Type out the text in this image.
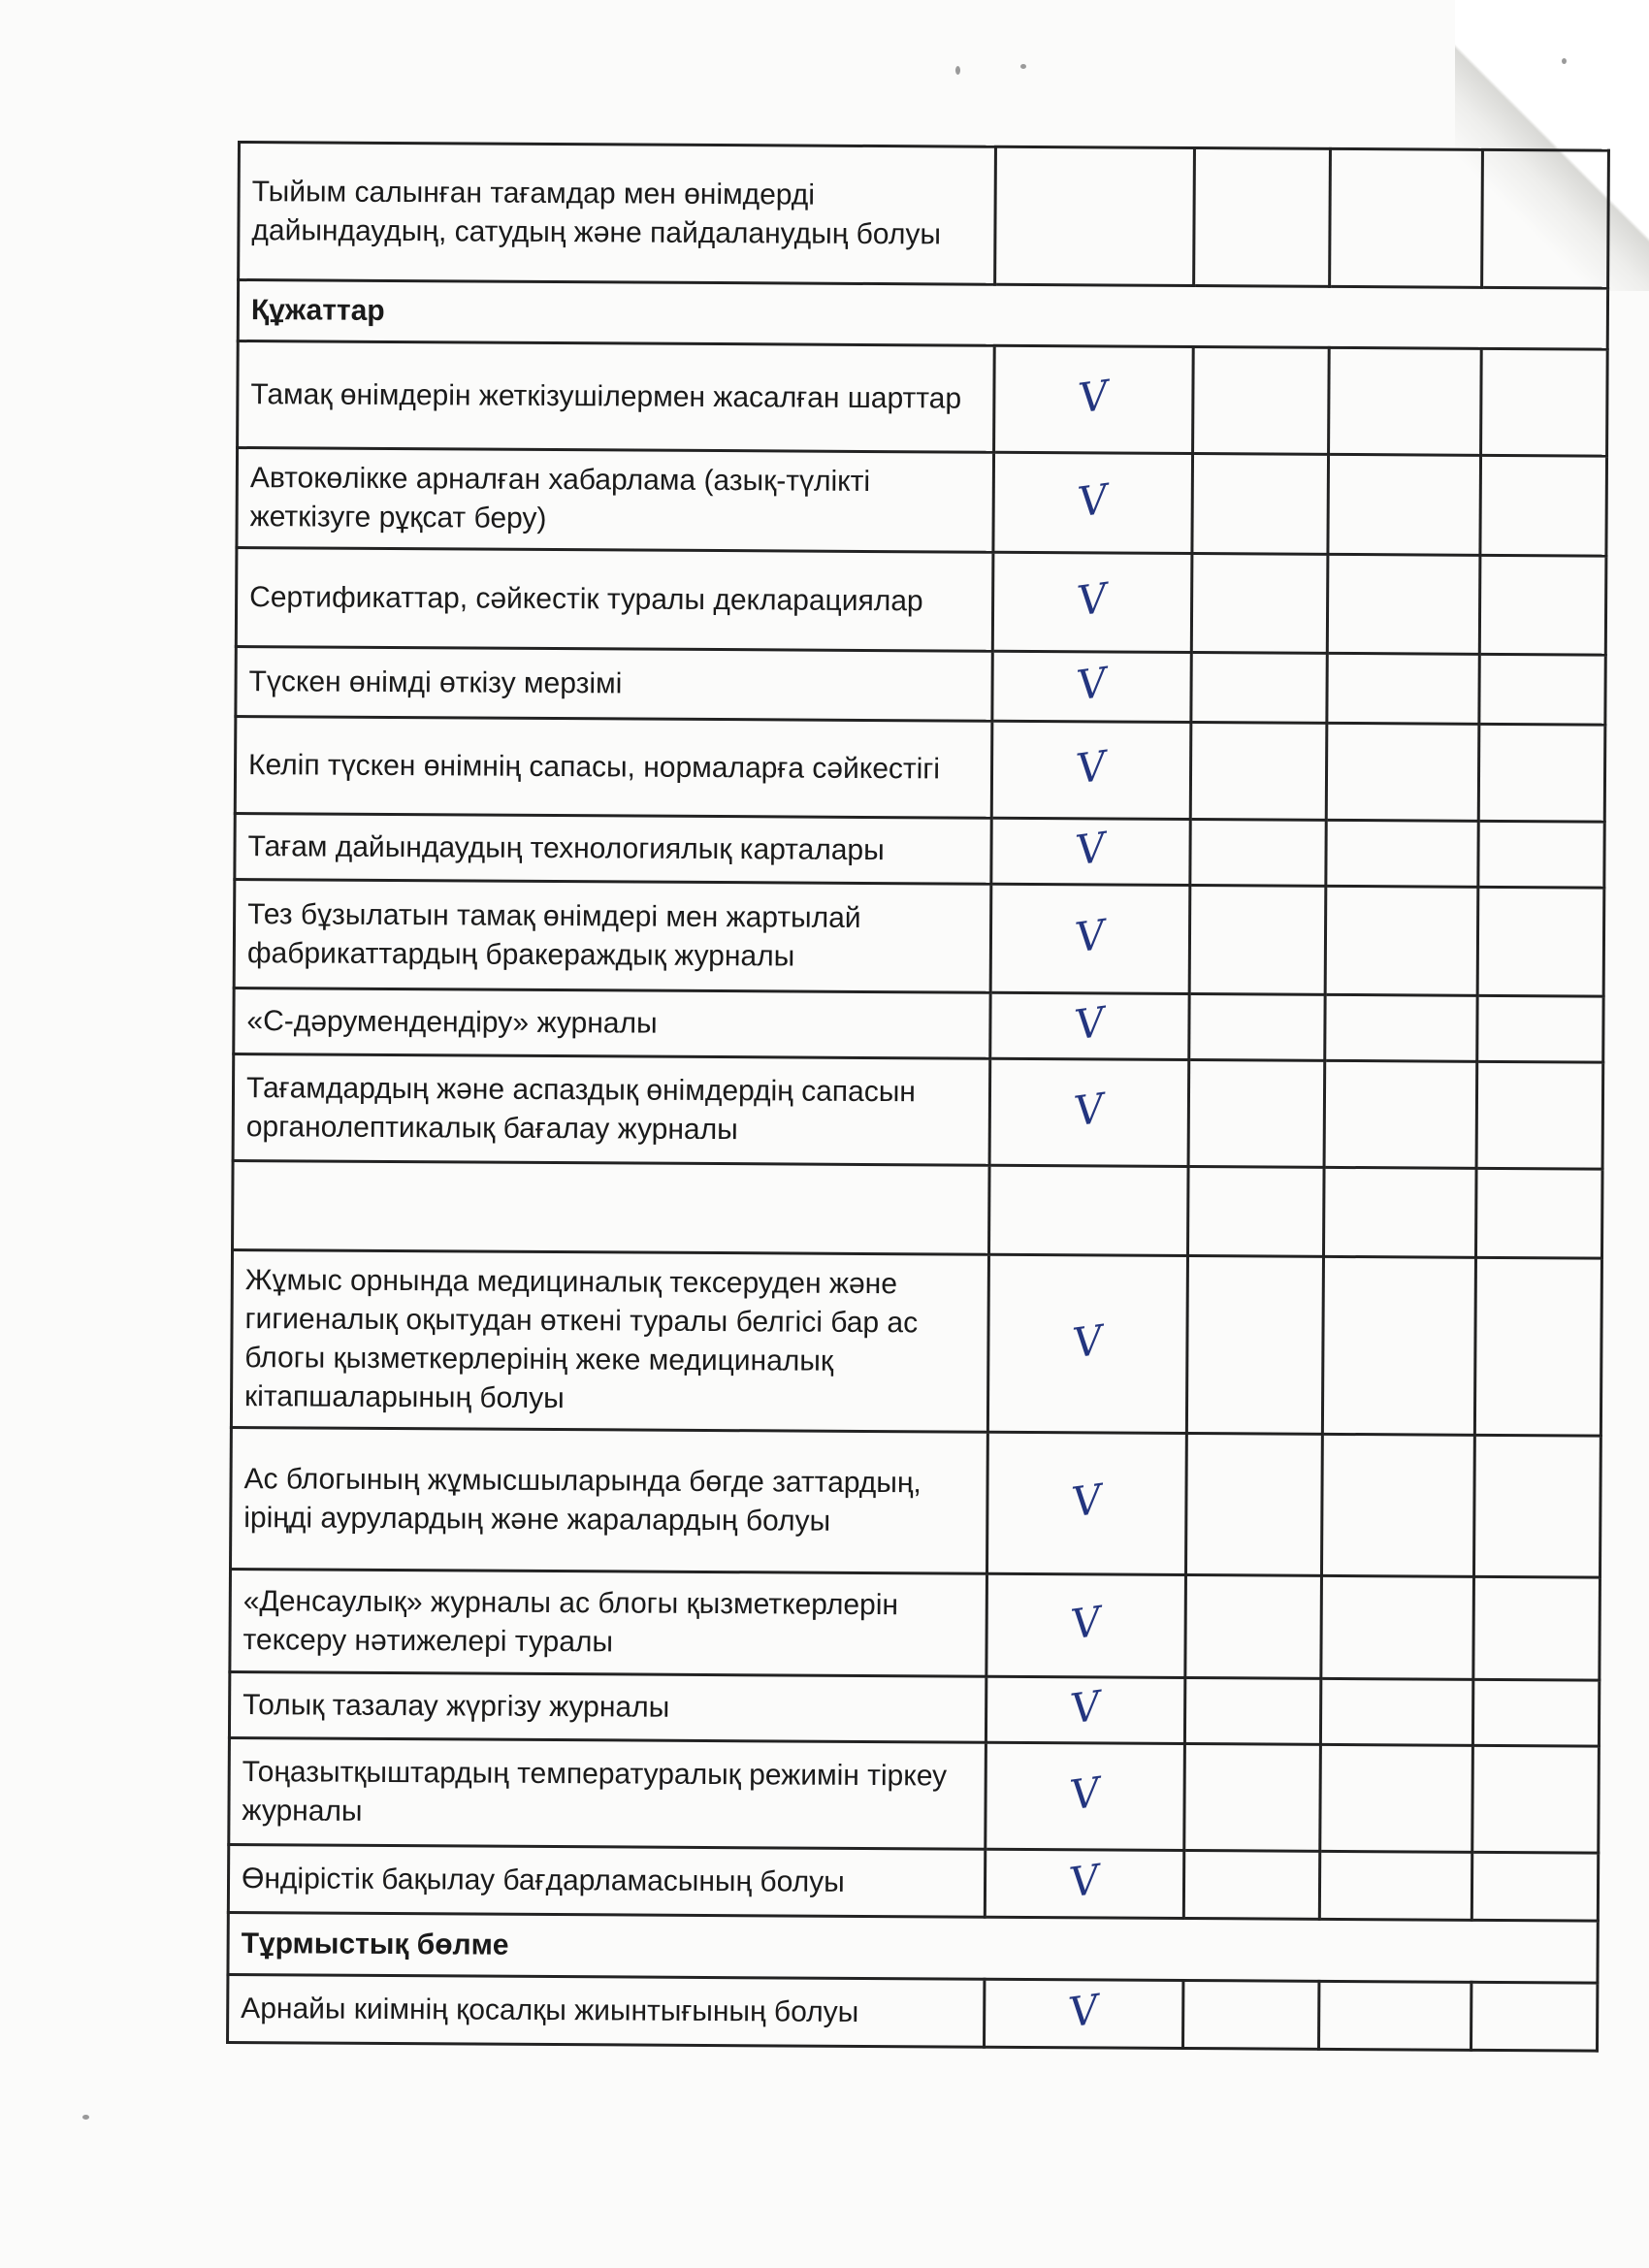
Тыйым салынған тағамдар мен өнімдерді дайындаудың, сатудың және пайдаланудың болуы				
Құжаттар				
Тамақ өнімдерін жеткізушілермен жасалған шарттар	V			
Автокөлікке арналған хабарлама (азық-түлікті жеткізуге рұқсат беру)	V			
Сертификаттар, сәйкестік туралы декларациялар	V			
Түскен өнімді өткізу мерзімі	V			
Келіп түскен өнімнің сапасы, нормаларға сәйкестігі	V			
Тағам дайындаудың технологиялық карталары	V			
Тез бұзылатын тамақ өнімдері мен жартылай фабрикаттардың бракераждық журналы	V			
«С-дәрумендендіру» журналы	V			
Тағамдардың және аспаздық өнімдердің сапасын органолептикалық бағалау журналы	V			

Жұмыс орнында медициналық тексеруден және гигиеналық оқытудан өткені туралы белгісі бар ас блогы қызметкерлерінің жеке медициналық кітапшаларының болуы	V			
Ас блогының жұмысшыларында бөгде заттардың, іріңді аурулардың және жаралардың болуы	V			
«Денсаулық» журналы ас блогы қызметкерлерін тексеру нәтижелері туралы	V			
Толық тазалау жүргізу журналы	V			
Тоңазытқыштардың температуралық режимін тіркеу журналы	V			
Өндірістік бақылау бағдарламасының болуы	V			
Тұрмыстық бөлме				
Арнайы киімнің қосалқы жиынтығының болуы	V			
